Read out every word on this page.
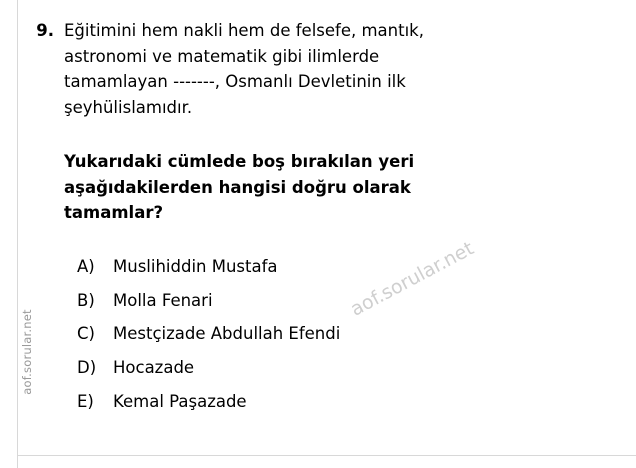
aof.sorular.net
9. Eğitimini hem nakli hem de felsefe, mantık,
astronomi ve matematik gibi ilimlerde
tamamlayan -------, Osmanlı Devletinin ilk
şeyhülislamıdır.
Yukarıdaki cümlede boş bırakılan yeri
aşağıdakilerden hangisi doğru olarak
tamamlar?
A)	Muslihiddin Mustafa
B)	Molla Fenari
C)	Mestçizade Abdullah Efendi
D)	Hocazade
E)	Kemal Paşazade
aof.sorular.net
